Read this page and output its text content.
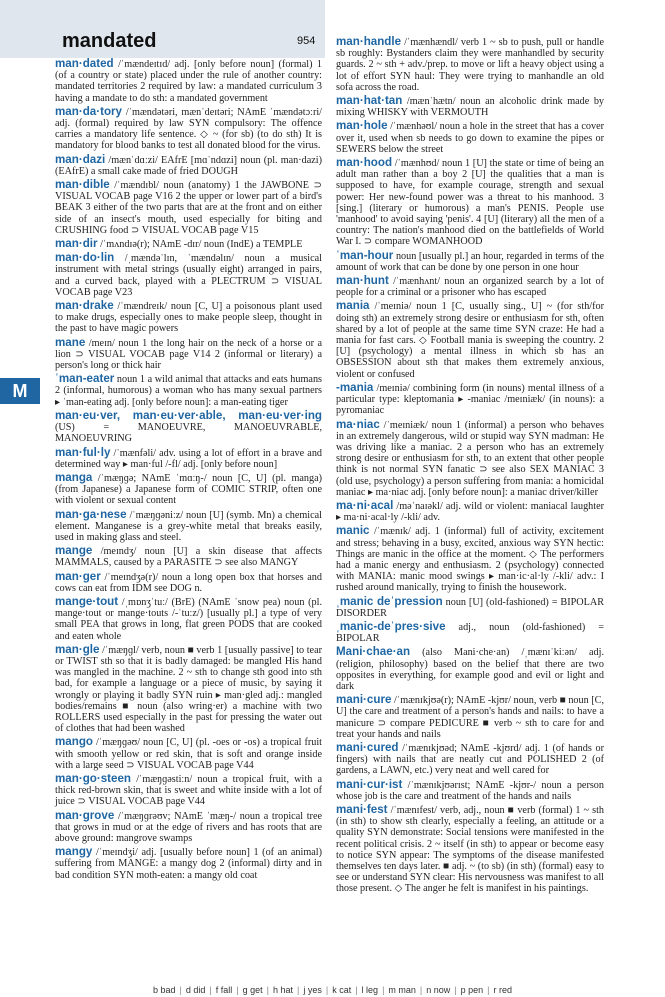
mandated	954
M

man·dated /ˈmændeɪtɪd/ adj. [only before noun] (formal) 1 (of a country or state) placed under the rule of another country: mandated territories 2 required by law: a mandated curriculum 3 having a mandate to do sth: a mandated government

man·da·tory /ˈmændətəri, mænˈdeɪtəri; NAmE ˈmændətɔːri/ adj. (formal) required by law SYN compulsory: The offence carries a mandatory life sentence. ◇ ~ (for sb) (to do sth) It is mandatory for blood banks to test all donated blood for the virus.

man·dazi /mænˈdɑːzi/ EAfrE [mɑˈndɑzi] noun (pl. man·dazi) (EAfrE) a small cake made of fried DOUGH

man·dible /ˈmændɪbl/ noun (anatomy) 1 the JAWBONE ⊃ VISUAL VOCAB page V16 2 the upper or lower part of a bird's BEAK 3 either of the two parts that are at the front and on either side of an insect's mouth, used especially for biting and CRUSHING food ⊃ VISUAL VOCAB page V15

man·dir /ˈmʌndɪə(r); NAmE -dɪr/ noun (IndE) a TEMPLE

man·do·lin /ˌmændəˈlɪn, ˈmændəlɪn/ noun a musical instrument with metal strings (usually eight) arranged in pairs, and a curved back, played with a PLECTRUM ⊃ VISUAL VOCAB page V23

man·drake /ˈmændreɪk/ noun [C, U] a poisonous plant used to make drugs, especially ones to make people sleep, thought in the past to have magic powers

mane /meɪn/ noun 1 the long hair on the neck of a horse or a lion ⊃ VISUAL VOCAB page V14 2 (informal or literary) a person's long or thick hair

ˈman-eater noun 1 a wild animal that attacks and eats humans 2 (informal, humorous) a woman who has many sexual partners ▸ ˈman-eating adj. [only before noun]: a man-eating tiger

man·eu·ver, man·eu·ver·able, man·eu·ver·ing (US) = MANOEUVRE, MANOEUVRABLE, MANOEUVRING

man·ful·ly /ˈmænfəli/ adv. using a lot of effort in a brave and determined way ▸ man·ful /-fl/ adj. [only before noun]

manga /ˈmæŋɡə; NAmE ˈmɑːŋ-/ noun [C, U] (pl. manga) (from Japanese) a Japanese form of COMIC STRIP, often one with violent or sexual content

man·ga·nese /ˈmæŋɡəniːz/ noun [U] (symb. Mn) a chemical element. Manganese is a grey-white metal that breaks easily, used in making glass and steel.

mange /meɪndʒ/ noun [U] a skin disease that affects MAMMALS, caused by a PARASITE ⊃ see also MANGY

man·ger /ˈmeɪndʒə(r)/ noun a long open box that horses and cows can eat from IDM see DOG n.

mange·tout /ˌmɒnʒˈtuː/ (BrE) (NAmE ˈsnow pea) noun (pl. mange·tout or mange·touts /-ˈtuːz/) [usually pl.] a type of very small PEA that grows in long, flat green PODS that are cooked and eaten whole

man·gle /ˈmæŋɡl/ verb, noun ■ verb 1 [usually passive] to tear or TWIST sth so that it is badly damaged: be mangled His hand was mangled in the machine. 2 ~ sth to change sth good into sth bad, for example a language or a piece of music, by saying it wrongly or playing it badly SYN ruin ▸ man·gled adj.: mangled bodies/remains ■ noun (also wring·er) a machine with two ROLLERS used especially in the past for pressing the water out of clothes that had been washed

mango /ˈmæŋɡəʊ/ noun [C, U] (pl. -oes or -os) a tropical fruit with smooth yellow or red skin, that is soft and orange inside with a large seed ⊃ VISUAL VOCAB page V44

man·go·steen /ˈmæŋɡəstiːn/ noun a tropical fruit, with a thick red-brown skin, that is sweet and white inside with a lot of juice ⊃ VISUAL VOCAB page V44

man·grove /ˈmæŋɡrəʊv; NAmE ˈmæŋ-/ noun a tropical tree that grows in mud or at the edge of rivers and has roots that are above ground: mangrove swamps

mangy /ˈmeɪndʒi/ adj. [usually before noun] 1 (of an animal) suffering from MANGE: a mangy dog 2 (informal) dirty and in bad condition SYN moth-eaten: a mangy old coat

man·handle /ˈmænhændl/ verb 1 ~ sb to push, pull or handle sb roughly: Bystanders claim they were manhandled by security guards. 2 ~ sth + adv./prep. to move or lift a heavy object using a lot of effort SYN haul: They were trying to manhandle an old sofa across the road.

man·hat·tan /mænˈhætn/ noun an alcoholic drink made by mixing WHISKY with VERMOUTH

man·hole /ˈmænhəʊl/ noun a hole in the street that has a cover over it, used when sb needs to go down to examine the pipes or SEWERS below the street

man·hood /ˈmænhʊd/ noun 1 [U] the state or time of being an adult man rather than a boy 2 [U] the qualities that a man is supposed to have, for example courage, strength and sexual power: Her new-found power was a threat to his manhood. 3 [sing.] (literary or humorous) a man's PENIS. People use 'manhood' to avoid saying 'penis'. 4 [U] (literary) all the men of a country: The nation's manhood died on the battlefields of World War I. ⊃ compare WOMANHOOD

ˈman-hour noun [usually pl.] an hour, regarded in terms of the amount of work that can be done by one person in one hour

man·hunt /ˈmænhʌnt/ noun an organized search by a lot of people for a criminal or a prisoner who has escaped

mania /ˈmeɪniə/ noun 1 [C, usually sing., U] ~ (for sth/for doing sth) an extremely strong desire or enthusiasm for sth, often shared by a lot of people at the same time SYN craze: He had a mania for fast cars. ◇ Football mania is sweeping the country. 2 [U] (psychology) a mental illness in which sb has an OBSESSION about sth that makes them extremely anxious, violent or confused

-mania /meɪniə/ combining form (in nouns) mental illness of a particular type: kleptomania ▸ -maniac /meɪniæk/ (in nouns): a pyromaniac

ma·niac /ˈmeɪniæk/ noun 1 (informal) a person who behaves in an extremely dangerous, wild or stupid way SYN madman: He was driving like a maniac. 2 a person who has an extremely strong desire or enthusiasm for sth, to an extent that other people think is not normal SYN fanatic ⊃ see also SEX MANIAC 3 (old use, psychology) a person suffering from mania: a homicidal maniac ▸ ma·niac adj. [only before noun]: a maniac driver/killer

ma·ni·acal /məˈnaɪəkl/ adj. wild or violent: maniacal laughter ▸ ma·ni·acal·ly /-kli/ adv.

manic /ˈmænɪk/ adj. 1 (informal) full of activity, excitement and stress; behaving in a busy, excited, anxious way SYN hectic: Things are manic in the office at the moment. ◇ The performers had a manic energy and enthusiasm. 2 (psychology) connected with MANIA: manic mood swings ▸ man·ic·al·ly /-kli/ adv.: I rushed around manically, trying to finish the housework.

ˌmanic deˈpression noun [U] (old-fashioned) = BIPOLAR DISORDER

ˌmanic-deˈpres·sive adj., noun (old-fashioned) = BIPOLAR

Mani·chae·an (also Mani·che·an) /ˌmænɪˈkiːən/ adj. (religion, philosophy) based on the belief that there are two opposites in everything, for example good and evil or light and dark

mani·cure /ˈmænɪkjʊə(r); NAmE -kjʊr/ noun, verb ■ noun [C, U] the care and treatment of a person's hands and nails: to have a manicure ⊃ compare PEDICURE ■ verb ~ sth to care for and treat your hands and nails

mani·cured /ˈmænɪkjʊəd; NAmE -kjʊrd/ adj. 1 (of hands or fingers) with nails that are neatly cut and POLISHED 2 (of gardens, a LAWN, etc.) very neat and well cared for

mani·cur·ist /ˈmænɪkjʊərɪst; NAmE -kjʊr-/ noun a person whose job is the care and treatment of the hands and nails

mani·fest /ˈmænɪfest/ verb, adj., noun ■ verb (formal) 1 ~ sth (in sth) to show sth clearly, especially a feeling, an attitude or a quality SYN demonstrate: Social tensions were manifested in the recent political crisis. 2 ~ itself (in sth) to appear or become easy to notice SYN appear: The symptoms of the disease manifested themselves ten days later. ■ adj. ~ (to sb) (in sth) (formal) easy to see or understand SYN clear: His nervousness was manifest to all those present. ◇ The anger he felt is manifest in his paintings.

b bad | d did | f fall | g get | h hat | j yes | k cat | l leg | m man | n now | p pen | r red
